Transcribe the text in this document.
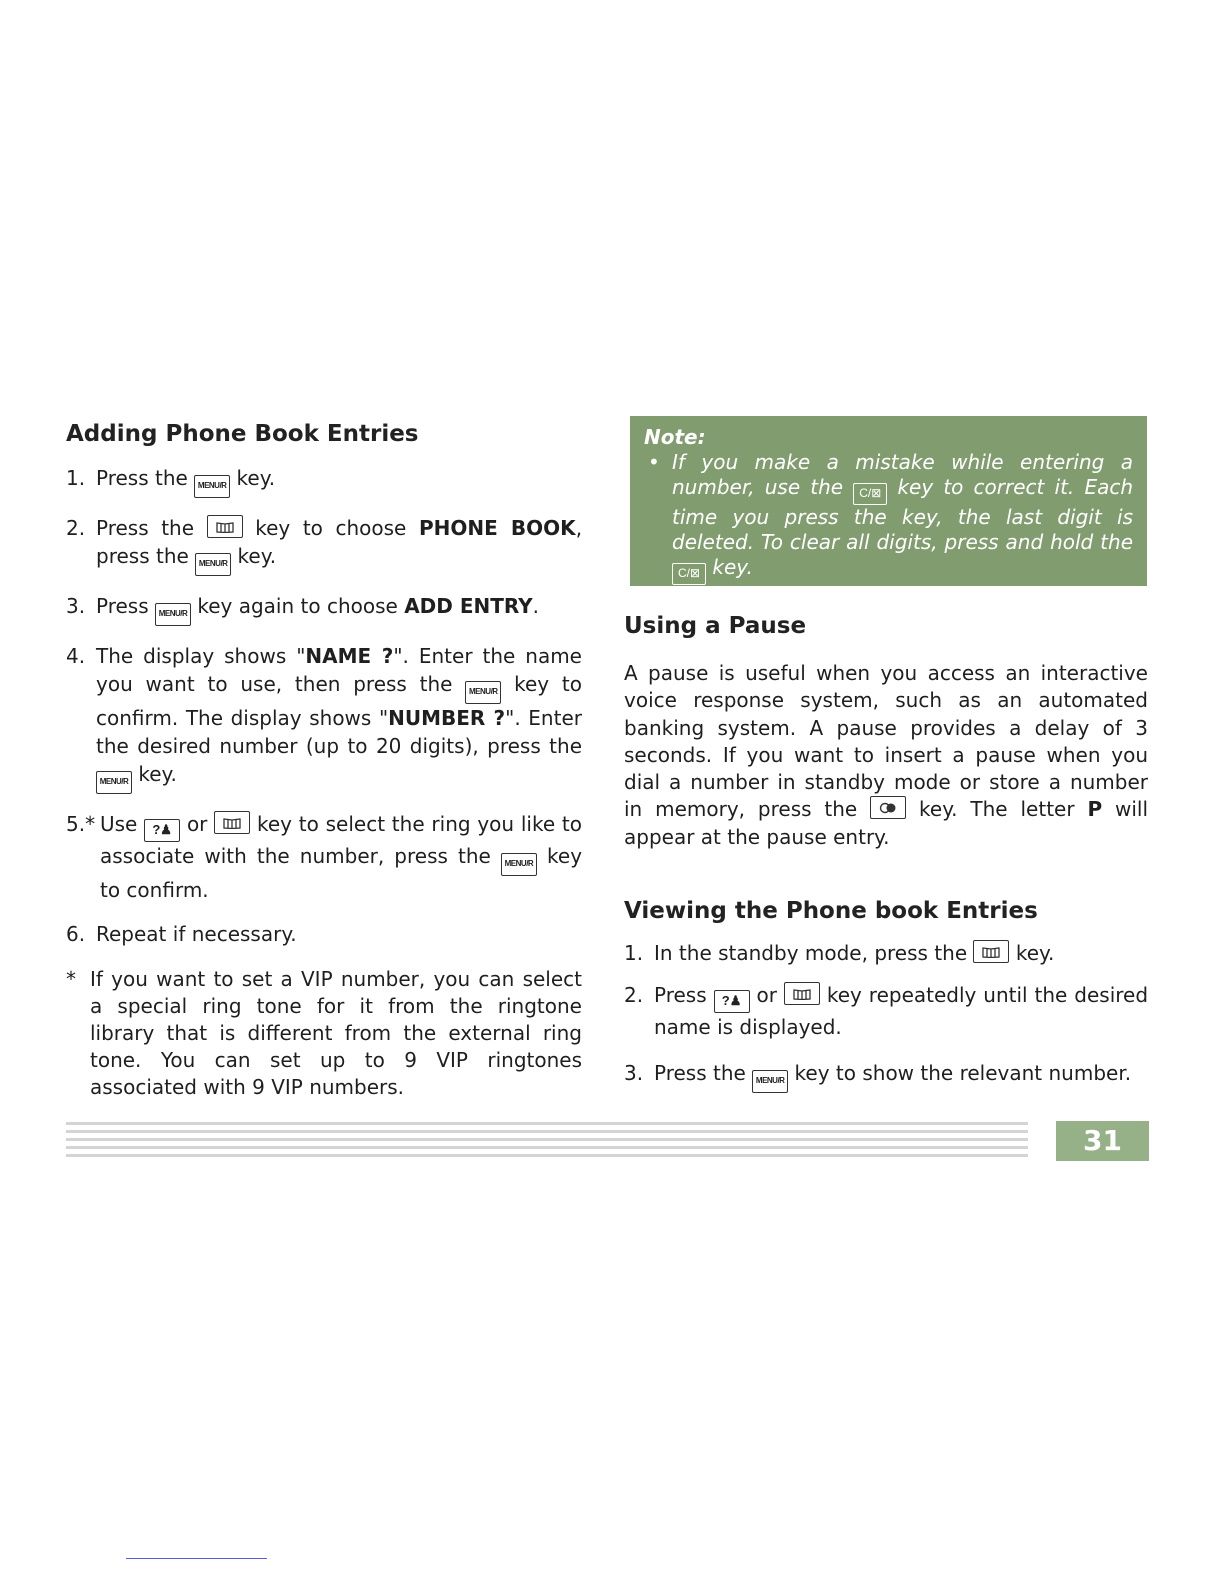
Adding Phone Book Entries

1. Press the MENU/R key.

2. Press the	key to choose PHONE BOOK, press the MENU/R key.

3. Press MENU/R key again to choose ADD ENTRY.

4. The display shows "NAME ?". Enter the name you want to use, then press the MENU/R key to confirm. The display shows "NUMBER ?". Enter the desired number (up to 20 digits), press the MENU/R key.

5.* Use ?♟ or key to select the ring you like to associate with the number, press the MENU/R key to confirm.

6. Repeat if necessary.

* If you want to set a VIP number, you can select a special ring tone for it from the ringtone library that is different from the external ring tone. You can set up to 9 VIP ringtones associated with 9 VIP numbers.

Note:
• If you make a mistake while entering a number, use the C/⊠ key to correct it. Each time you press the key, the last digit is deleted. To clear all digits, press and hold the C/⊠ key.
Using a Pause

A pause is useful when you access an interactive voice response system, such as an automated banking system. A pause provides a delay of 3 seconds. If you want to insert a pause when you dial a number in standby mode or store a number in memory, press the	key. The letter P will appear at the pause entry.

Viewing the Phone book Entries

1. In the standby mode, press the key.

2. Press ?♟ or key repeatedly until the desired name is displayed.

3. Press the MENU/R key to show the relevant number.

31
